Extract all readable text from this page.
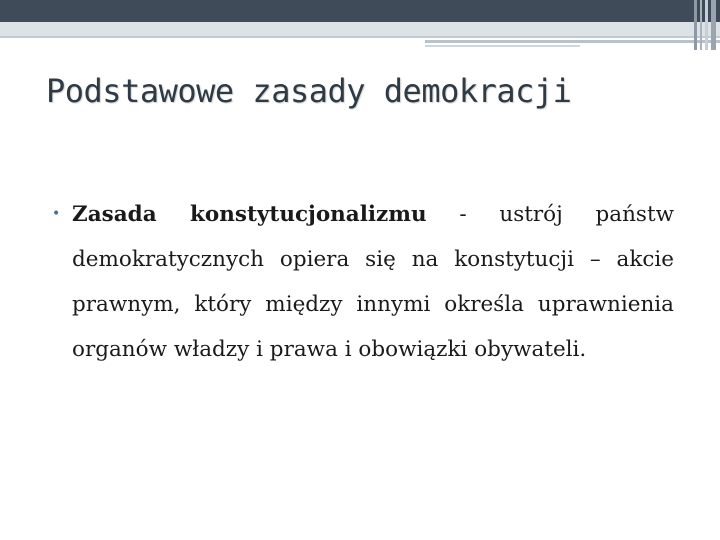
Podstawowe zasady demokracji
• Zasada konstytucjonalizmu - ustrój państw demokratycznych opiera się na konstytucji – akcie prawnym, który między innymi określa uprawnienia organów władzy i prawa i obowiązki obywateli.
